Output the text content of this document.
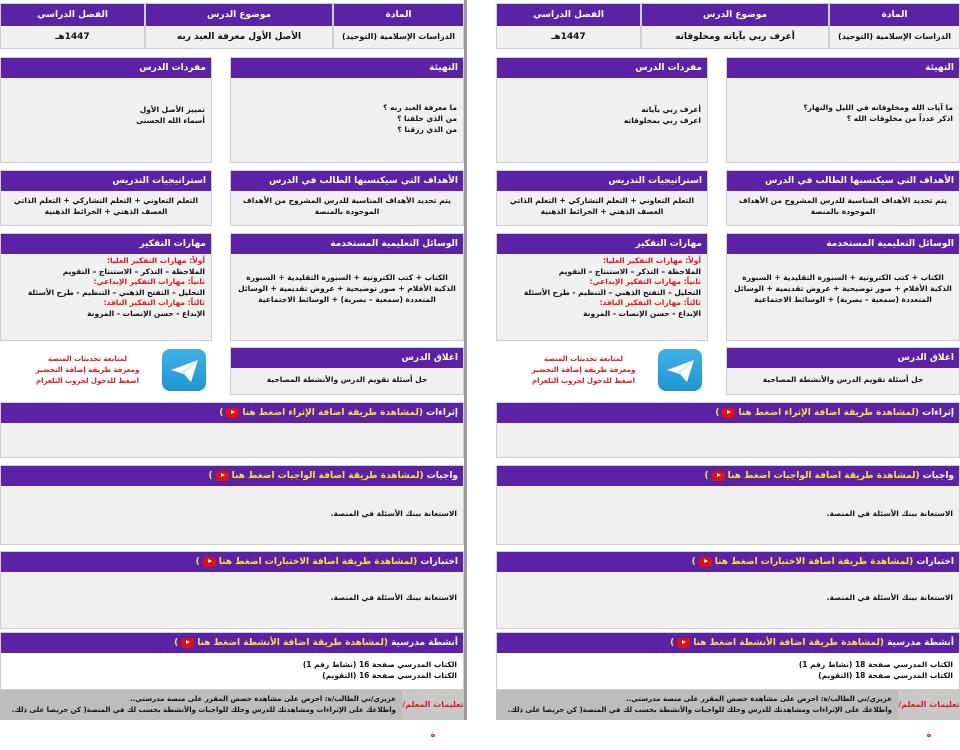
المادة
الدراسات الإسلامية (التوحيد)
موضوع الدرس
أعرف ربي بآياته ومخلوقاته
الفصل الدراسي
1447هـ
التهيئة
ما آيات الله ومخلوقاته في الليل والنهار؟
اذكر عدداً من مخلوقات الله ؟
مفردات الدرس
أعرف ربي بآياته
اعرف ربي بمخلوقاته
الأهداف التي سيكتسبها الطالب في الدرس
يتم تحديد الأهداف المناسبة للدرس المشروح من الأهداف الموجودة بالمنصة
استراتيجيات التدريس
التعلم التعاوني + التعلم التشاركي + التعلم الذاتي
العصف الذهني + الخرائط الذهنية
الوسائل التعليمية المستخدمة
الكتاب + كتب الكترونية + السبورة التقليدية + السبورة الذكية الأقلام + صور توضيحية + عروض تقديمية + الوسائل المتعددة (سمعية – بصرية) + الوسائط الاجتماعية
مهارات التفكير
أولاً: مهارات التفكير العليا:
الملاحظة – التذكر – الاستنتاج – التقويم
ثانياً: مهارات التفكير الإبداعي:
التحليل – التفتح الذهني – التنظيم - طرح الأسئلة
ثالثاً: مهارات التفكير الناقد:
الإبداع - حسن الإنصات - المرونة
اغلاق الدرس
حل أسئلة تقويم الدرس والأنشطة المصاحبة
لمتابعة تحديثات المنصة
ومعرفة طريقة إضافة التحضير
اضغط للدخول لجروب التلغرام
إثراءات (لمشاهدة طريقة اضافة الإثراء اضغط هنا)
واجبات (لمشاهدة طريقة اضافة الواجبات اضغط هنا)
الاستعانة ببنك الأسئلة في المنصة.
اختبارات (لمشاهدة طريقة اضافة الاختبارات اضغط هنا)
الاستعانة ببنك الأسئلة في المنصة.
أنشطة مدرسية (لمشاهدة طريقة اضافة الأنشطة اضغط هنا)
الكتاب المدرسي صفحة 18 (نشاط رقم 1)
الكتاب المدرسي صفحة 18 (التقويم)
تعليمات المعلم/ة
عزيزي/تي الطالب/ة: احرص على مشاهدة حصص المقرر على منصة مدرستي..
واطلاعك على الإثراءات ومشاهدتك للدرس وحلك للواجبات والأنشطة بحسب لك في المنصة( كن حريصا على ذلك.
المادة
الدراسات الإسلامية (التوحيد)
موضوع الدرس
الأصل الأول معرفة العبد ربه
الفصل الدراسي
1447هـ
التهيئة
ما معرفة العبد ربه ؟
من الذي خلقنا ؟
من الذي رزقنا ؟
مفردات الدرس
تمييز الأصل الأول
أسماء الله الحسنى
الأهداف التي سيكتسبها الطالب في الدرس
يتم تحديد الأهداف المناسبة للدرس المشروح من الأهداف الموجودة بالمنصة
استراتيجيات التدريس
التعلم التعاوني + التعلم التشاركي + التعلم الذاتي
العصف الذهني + الخرائط الذهنية
الوسائل التعليمية المستخدمة
الكتاب + كتب الكترونية + السبورة التقليدية + السبورة الذكية الأقلام + صور توضيحية + عروض تقديمية + الوسائل المتعددة (سمعية – بصرية) + الوسائط الاجتماعية
مهارات التفكير
أولاً: مهارات التفكير العليا:
الملاحظة – التذكر – الاستنتاج – التقويم
ثانياً: مهارات التفكير الإبداعي:
التحليل – التفتح الذهني – التنظيم - طرح الأسئلة
ثالثاً: مهارات التفكير الناقد:
الإبداع - حسن الإنصات - المرونة
اغلاق الدرس
حل أسئلة تقويم الدرس والأنشطة المصاحبة
لمتابعة تحديثات المنصة
ومعرفة طريقة إضافة التحضير
اضغط للدخول لجروب التلغرام
إثراءات (لمشاهدة طريقة اضافة الإثراء اضغط هنا)
واجبات (لمشاهدة طريقة اضافة الواجبات اضغط هنا)
الاستعانة ببنك الأسئلة في المنصة.
اختبارات (لمشاهدة طريقة اضافة الاختبارات اضغط هنا)
الاستعانة ببنك الأسئلة في المنصة.
أنشطة مدرسية (لمشاهدة طريقة اضافة الأنشطة اضغط هنا)
الكتاب المدرسي صفحة 16 (نشاط رقم 1)
الكتاب المدرسي صفحة 16 (التقويم)
تعليمات المعلم/ة
عزيزي/تي الطالب/ة: احرص على مشاهدة حصص المقرر على منصة مدرستي..
واطلاعك على الإثراءات ومشاهدتك للدرس وحلك للواجبات والأنشطة بحسب لك في المنصة( كن حريصا على ذلك.
